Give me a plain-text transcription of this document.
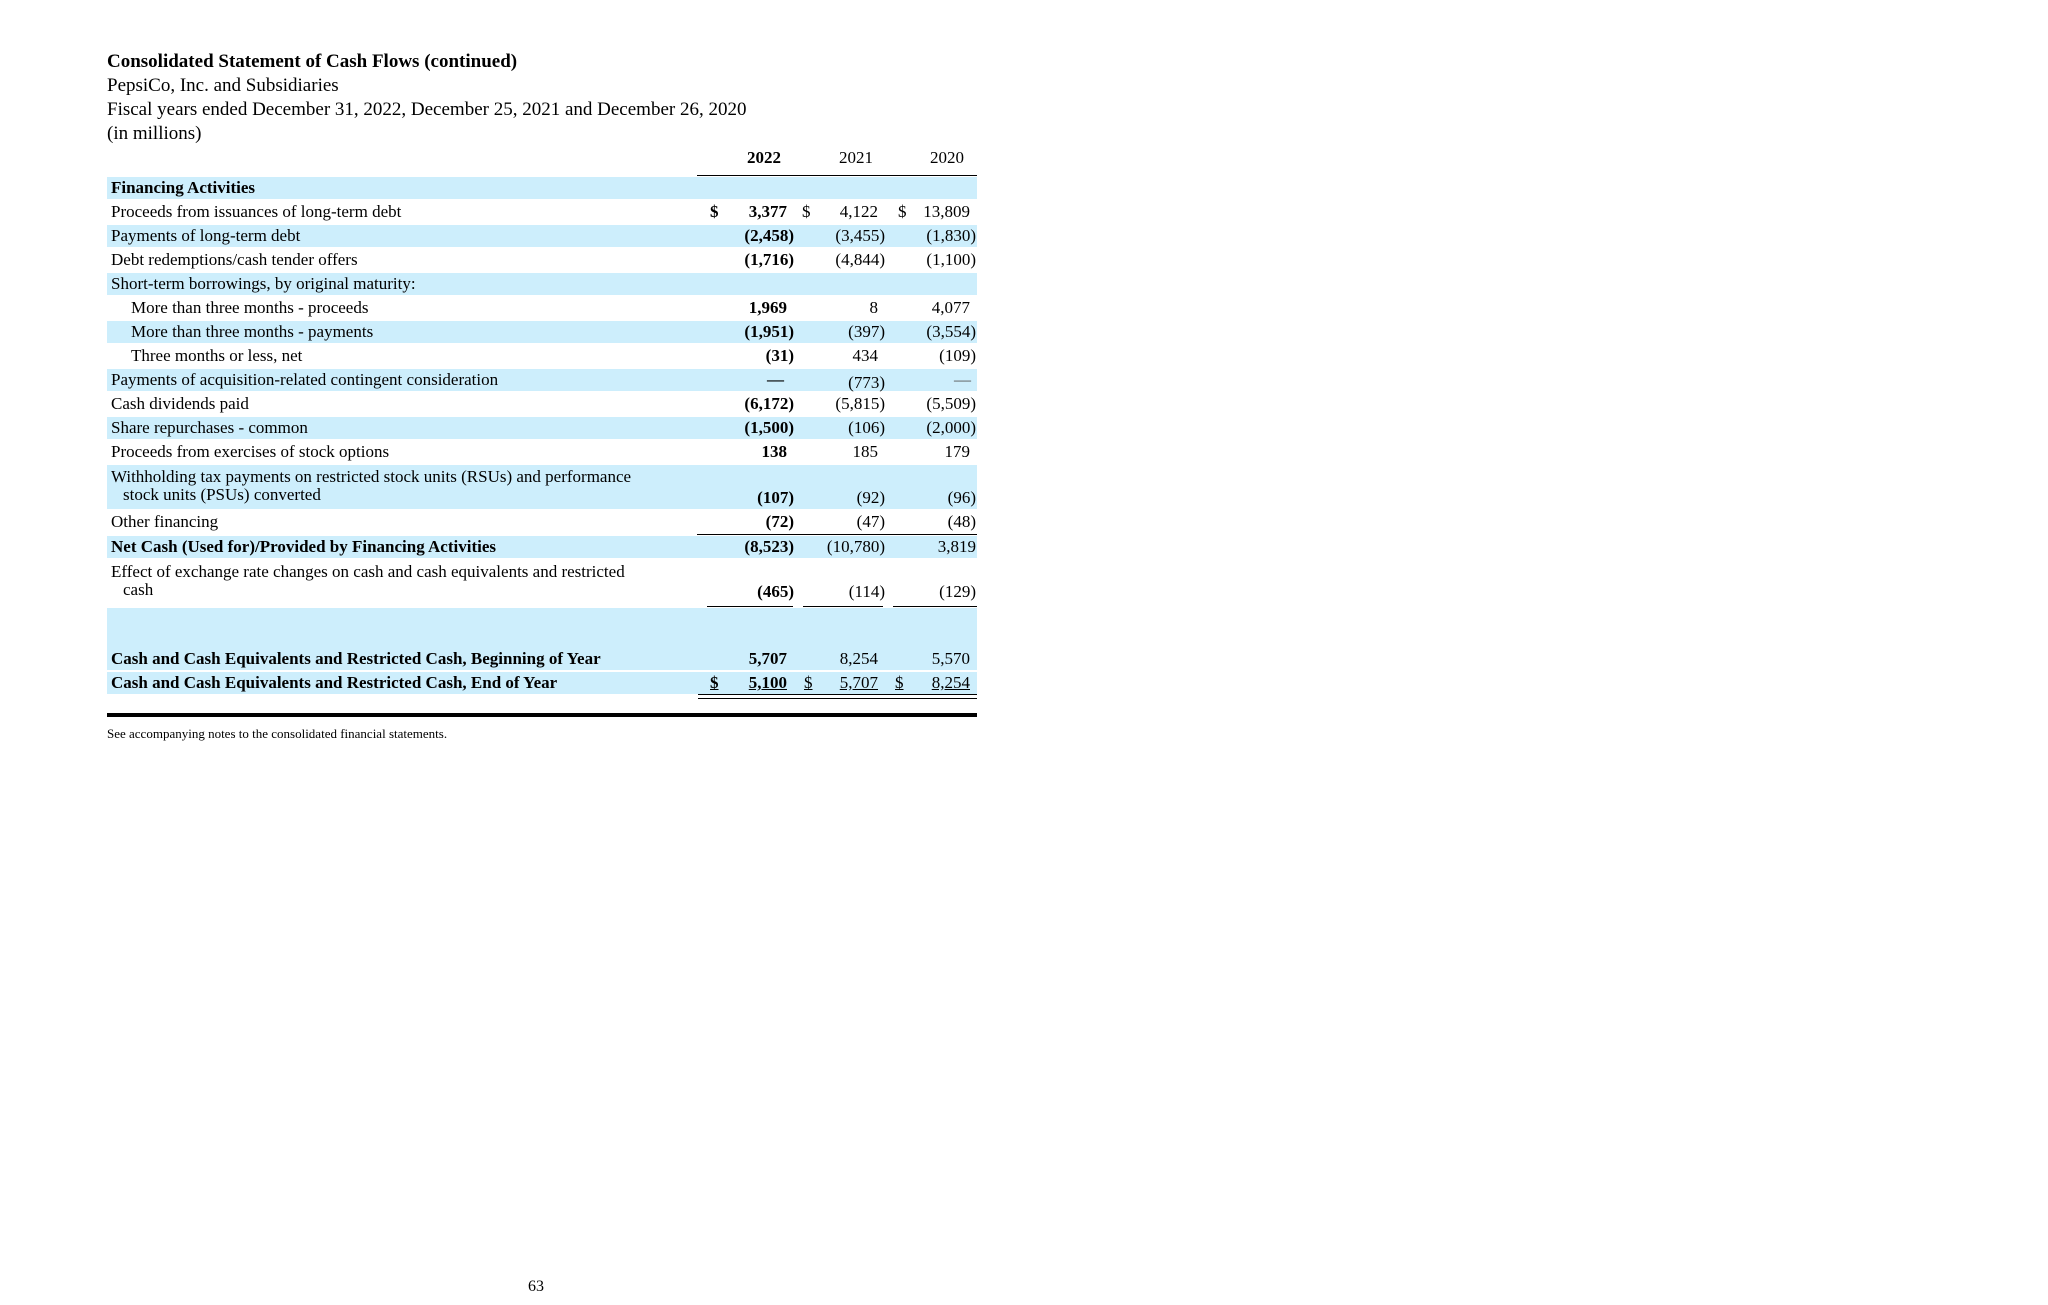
Consolidated Statement of Cash Flows (continued)
PepsiCo, Inc. and Subsidiaries
Fiscal years ended December 31, 2022, December 25, 2021 and December 26, 2020
(in millions)
2022	2021	2020
Financing Activities
Proceeds from issuances of long-term debt	$ 3,377 $ 4,122 $ 13,809
Payments of long-term debt	(2,458) (3,455) (1,830)
Debt redemptions/cash tender offers	(1,716) (4,844) (1,100)
Short-term borrowings, by original maturity:
More than three months - proceeds	1,969	8	4,077
More than three months - payments	(1,951)	(397) (3,554)
Three months or less, net	(31)	434	(109)
Payments of acquisition-related contingent consideration	—	(773)	—
Cash dividends paid	(6,172) (5,815) (5,509)
Share repurchases - common	(1,500)	(106) (2,000)
Proceeds from exercises of stock options	138	185	179
Withholding tax payments on restricted stock units (RSUs) and performance
stock units (PSUs) converted	(107)	(92)	(96)
Other financing	(72)	(47)	(48)
Net Cash (Used for)/Provided by Financing Activities	(8,523) (10,780)	3,819
Effect of exchange rate changes on cash and cash equivalents and restricted
cash	(465)	(114)	(129)
Cash and Cash Equivalents and Restricted Cash, Beginning of Year	5,707	8,254	5,570
Cash and Cash Equivalents and Restricted Cash, End of Year	$ 5,100 $ 5,707 $ 8,254
See accompanying notes to the consolidated financial statements.
63
